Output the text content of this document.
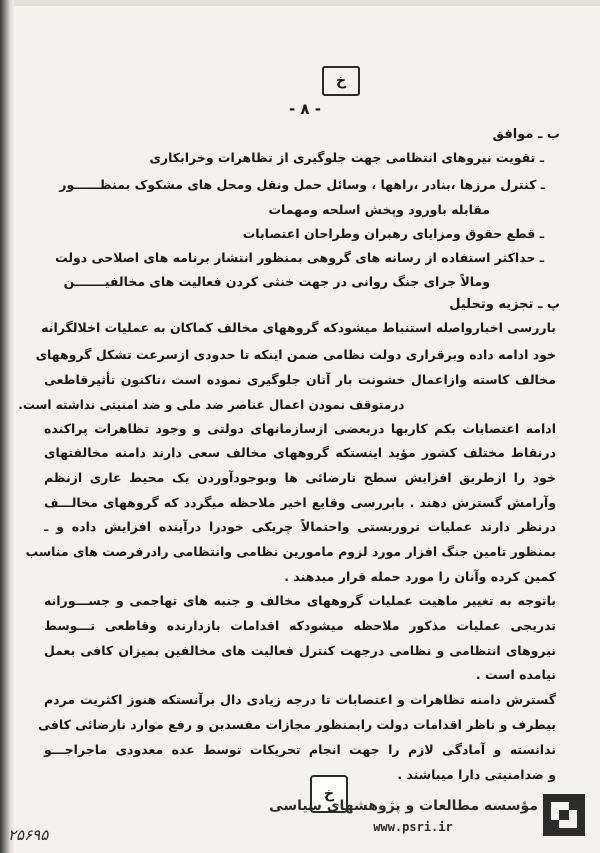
خ
- ۸ -
ب ـ موافق
ـ تقویت نیروهای انتظامی جهت جلوگیری از تظاهرات وخرابکاری
ـ کنترل مرزها ،بنادر ،راهها ، وسائل حمل ونقل ومحل های مشکوک بمنظــــــور
مقابله باورود وپخش اسلحه ومهمات
ـ قطع حقوق ومزایای رهبران وطراحان اعتصابات
ـ حداکثر استفاده از رسانه های گروهی بمنظور انتشار برنامه های اصلاحی دولت
ومالاً جرای جنگ روانی در جهت خنثی کردن فعالیت های مخالفیـــــــن
پ ـ تجزیه وتحلیل
باررسی اخبارواصله استنباط میشودکه گروههای مخالف کماکان به عملیات اخلالگرانه
خود ادامه داده وبرقراری دولت نظامی ضمن اینکه تا حدودی ازسرعت تشکل گروههای
مخالف کاسته وازاعمال خشونت بار آنان جلوگیری نموده است ،تاکنون تأثیرقاطعی
درمتوقف نمودن اعمال عناصر ضد ملی و ضد امنیتی نداشته است.
ادامه اعتصابات بکم کاریها دربعضی ازسازمانهای دولتی و وجود تظاهرات پراکنده
درنقاط مختلف کشور مؤید اینستکه گروههای مخالف سعی دارند دامنه مخالفتهای
خود را ازطریق افزایش سطح نارضائی ها وبوجودآوردن یک محیط عاری ازنظم
وآرامش گسترش دهند . بابررسی وقایع اخیر ملاحظه میگردد که گروههای مخالـــف
درنظر دارند عملیات تروریستی واحتمالاً چریکی خودرا درآینده افزایش داده و ـ
بمنظور تامین جنگ افزار مورد لزوم مامورین نظامی وانتظامی رادرفرصت های مناسب
کمین کرده وآنان را مورد حمله قرار میدهند .
باتوجه به تغییر ماهیت عملیات گروههای مخالف و جنبه های تهاجمی و جســـورانه
تدریجی عملیات مذکور ملاحظه میشودکه اقدامات بازدارنده وقاطعی تـــوسط
نیروهای انتظامی و نظامی درجهت کنترل فعالیت های مخالفین بمیزان کافی بعمل
نیامده است .
گسترش دامنه تظاهرات و اعتصابات تا درجه زیادی دال برآنستکه هنوز اکثریت مردم
بیطرف و ناظر اقدامات دولت رابمنظور مجازات مفسدین و رفع موارد نارضائی کافی
ندانسته و آمادگی لازم را جهت انجام تحریکات توسط عده معدودی ماجراجـــو
و ضدامنیتی دارا میباشند .
خ
مؤسسه مطالعات و پژوهشهای سیاسی
www.psri.ir
۲۵۶۹۵
